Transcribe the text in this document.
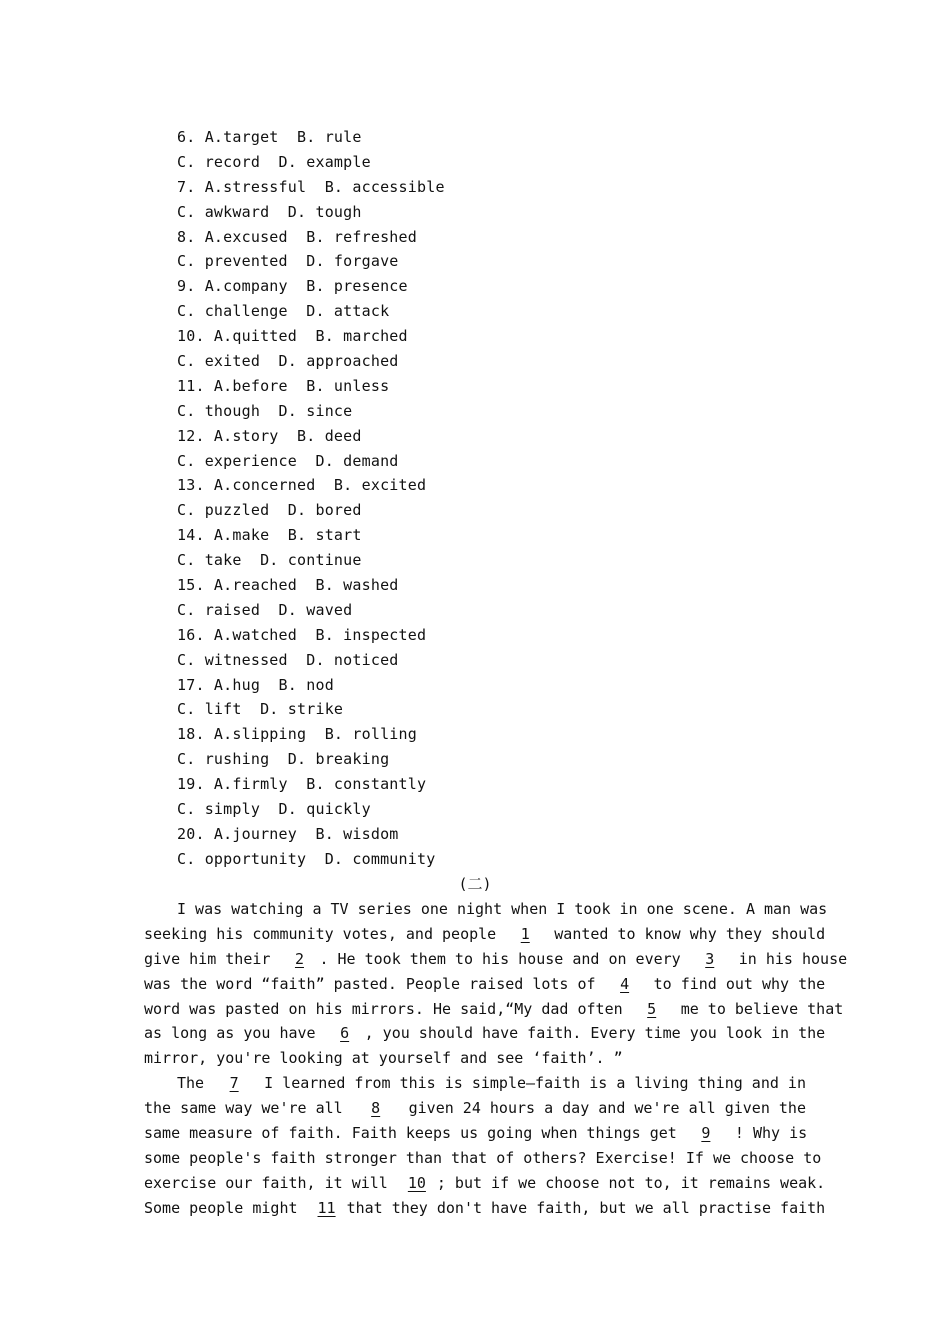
6. A.target  B. rule
C. record  D. example
7. A.stressful  B. accessible
C. awkward  D. tough
8. A.excused  B. refreshed
C. prevented  D. forgave
9. A.company  B. presence
C. challenge  D. attack
10. A.quitted  B. marched
C. exited  D. approached
11. A.before  B. unless
C. though  D. since
12. A.story  B. deed
C. experience  D. demand
13. A.concerned  B. excited
C. puzzled  D. bored
14. A.make  B. start
C. take  D. continue
15. A.reached  B. washed
C. raised  D. waved
16. A.watched  B. inspected
C. witnessed  D. noticed
17. A.hug  B. nod
C. lift  D. strike
18. A.slipping  B. rolling
C. rushing  D. breaking
19. A.firmly  B. constantly
C. simply  D. quickly
20. A.journey  B. wisdom
C. opportunity  D. community
(二)
I was watching a TV series one night when I took in one scene. A man was
seeking his community votes, and people	1	wanted to know why they should
give him their	2	. He took them to his house and on every	3	in his house
was the word “faith” pasted. People raised lots of	4	to find out why the
word was pasted on his mirrors. He said,“My dad often	5	me to believe that
as long as you have	6	, you should have faith. Every time you look in the
mirror, you're looking at yourself and see ‘faith’. ”
The	7	I learned from this is simple—faith is a living thing and in
the same way we're all	8	given 24 hours a day and we're all given the
same measure of faith. Faith keeps us going when things get	9	! Why is
some people's faith stronger than that of others? Exercise! If we choose to
exercise our faith, it will 10 ; but if we choose not to, it remains weak.
Some people might 11 that they don't have faith, but we all practise faith
